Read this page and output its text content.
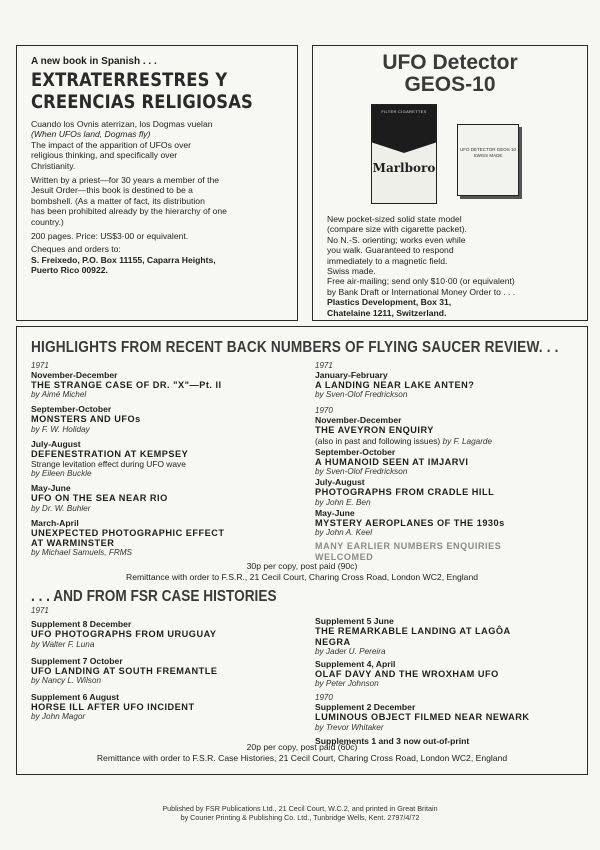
A new book in Spanish . . .

EXTRATERRESTRES Y

CREENCIAS RELIGIOSAS

Cuando los Ovnis aterrizan, los Dogmas vuelan

(When UFOs land, Dogmas fly)

The impact of the apparition of UFOs over

religious thinking, and specifically over

Christianity.

Written by a priest—for 30 years a member of the

Jesuit Order—this book is destined to be a

bombshell. (As a matter of fact, its distribution

has been prohibited already by the hierarchy of one

country.)

200 pages. Price: US$3·00 or equivalent.

Cheques and orders to:

S. Freixedo, P.O. Box 11155, Caparra Heights,

Puerto Rico 00922.

UFO Detector

GEOS-10

FILTER CIGARETTES
Marlboro
UFO DETECTOR GEOS 10 SWISS MADE

New pocket-sized solid state model

(compare size with cigarette packet).

No N.-S. orienting; works even while

you walk. Guaranteed to respond

immediately to a magnetic field.

Swiss made.

Free air-mailing; send only $10·00 (or equivalent)

by Bank Draft or International Money Order to . . .

Plastics Development, Box 31,

Chatelaine 1211, Switzerland.

HIGHLIGHTS FROM RECENT BACK NUMBERS OF FLYING SAUCER REVIEW. . .

1971

November-December

THE STRANGE CASE OF DR. "X"—Pt. II

by Aimé Michel

September-October

MONSTERS AND UFOs

by F. W. Holiday

July-August

DEFENESTRATION AT KEMPSEY

Strange levitation effect during UFO wave

by Eileen Buckle

May-June

UFO ON THE SEA NEAR RIO

by Dr. W. Buhler

March-April

UNEXPECTED PHOTOGRAPHIC EFFECT

AT WARMINSTER

by Michael Samuels, FRMS

1971

January-February

A LANDING NEAR LAKE ANTEN?

by Sven-Olof Fredrickson

1970

November-December

THE AVEYRON ENQUIRY

(also in past and following issues) by F. Lagarde

September-October

A HUMANOID SEEN AT IMJARVI

by Sven-Olof Fredrickson

July-August

PHOTOGRAPHS FROM CRADLE HILL

by John E. Ben

May-June

MYSTERY AEROPLANES OF THE 1930s

by John A. Keel

MANY EARLIER NUMBERS ENQUIRIES

WELCOMED

30p per copy, post paid (90c)

Remittance with order to F.S.R., 21 Cecil Court, Charing Cross Road, London WC2, England

. . . AND FROM FSR CASE HISTORIES

1971

Supplement 8 December

UFO PHOTOGRAPHS FROM URUGUAY

by Walter F. Luna

Supplement 7 October

UFO LANDING AT SOUTH FREMANTLE

by Nancy L. Wilson

Supplement 6 August

HORSE ILL AFTER UFO INCIDENT

by John Magor

Supplement 5 June

THE REMARKABLE LANDING AT LAGÔA

NEGRA

by Jader U. Pereira

Supplement 4, April

OLAF DAVY AND THE WROXHAM UFO

by Peter Johnson

1970

Supplement 2 December

LUMINOUS OBJECT FILMED NEAR NEWARK

by Trevor Whitaker

Supplements 1 and 3 now out-of-print

20p per copy, post paid (60c)

Remittance with order to F.S.R. Case Histories, 21 Cecil Court, Charing Cross Road, London WC2, England

Published by FSR Publications Ltd., 21 Cecil Court, W.C.2, and printed in Great Britain
by Courier Printing & Publishing Co. Ltd., Tunbridge Wells, Kent. 2797/4/72
